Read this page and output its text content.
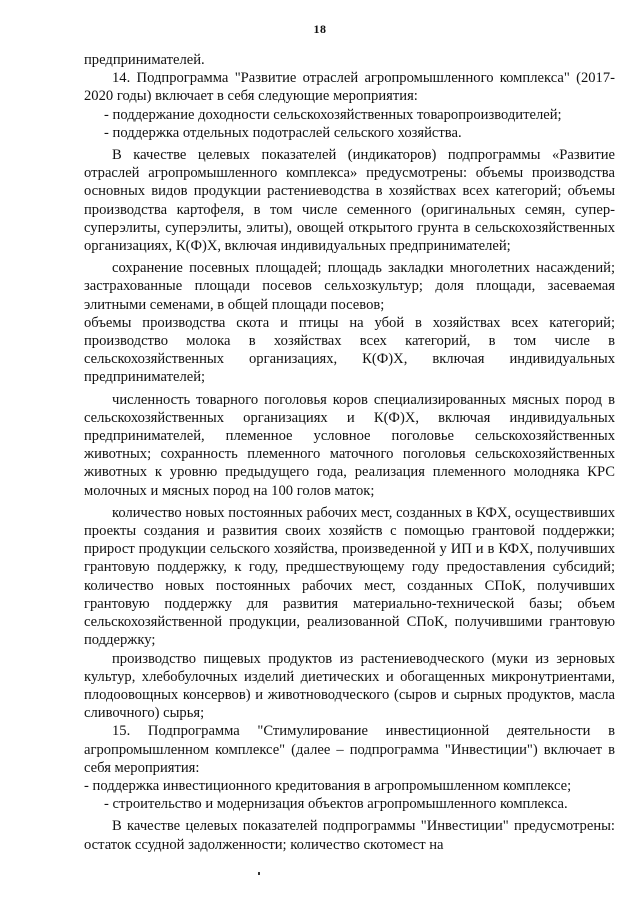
18

предпринимателей.

14. Подпрограмма "Развитие отраслей агропромышленного комплекса" (2017-2020 годы) включает в себя следующие мероприятия:

- поддержание доходности сельскохозяйственных товаропроизводителей;

- поддержка отдельных подотраслей сельского хозяйства.

В качестве целевых показателей (индикаторов) подпрограммы «Развитие отраслей агропромышленного комплекса» предусмотрены: объемы производства основных видов продукции растениеводства в хозяйствах всех категорий; объемы производства картофеля, в том числе семенного (оригинальных семян, супер-суперэлиты, суперэлиты, элиты), овощей открытого грунта в сельскохозяйственных организациях, К(Ф)Х, включая индивидуальных предпринимателей;

сохранение посевных площадей; площадь закладки многолетних насаждений; застрахованные площади посевов сельхозкультур; доля площади, засеваемая элитными семенами, в общей площади посевов;

объемы производства скота и птицы на убой в хозяйствах всех категорий; производство молока в хозяйствах всех категорий, в том числе в сельскохозяйственных организациях, К(Ф)Х, включая индивидуальных предпринимателей;

численность товарного поголовья коров специализированных мясных пород в сельскохозяйственных организациях и К(Ф)Х, включая индивидуальных предпринимателей, племенное условное поголовье сельскохозяйственных животных; сохранность племенного маточного поголовья сельскохозяйственных животных к уровню предыдущего года, реализация племенного молодняка КРС молочных и мясных пород на 100 голов маток;

количество новых постоянных рабочих мест, созданных в КФХ, осуществивших проекты создания и развития своих хозяйств с помощью грантовой поддержки; прирост продукции сельского хозяйства, произведенной у ИП и в КФХ, получивших грантовую поддержку, к году, предшествующему году предоставления субсидий; количество новых постоянных рабочих мест, созданных СПоК, получивших грантовую поддержку для развития материально-технической базы; объем сельскохозяйственной продукции, реализованной СПоК, получившими грантовую поддержку;

производство пищевых продуктов из растениеводческого (муки из зерновых культур, хлебобулочных изделий диетических и обогащенных микронутриентами, плодоовощных консервов) и животноводческого (сыров и сырных продуктов, масла сливочного) сырья;

15. Подпрограмма "Стимулирование инвестиционной деятельности в агропромышленном комплексе" (далее – подпрограмма "Инвестиции") включает в себя мероприятия:

- поддержка инвестиционного кредитования в агропромышленном комплексе;

- строительство и модернизация объектов агропромышленного комплекса.

В качестве целевых показателей подпрограммы "Инвестиции" предусмотрены: остаток ссудной задолженности; количество скотомест на
